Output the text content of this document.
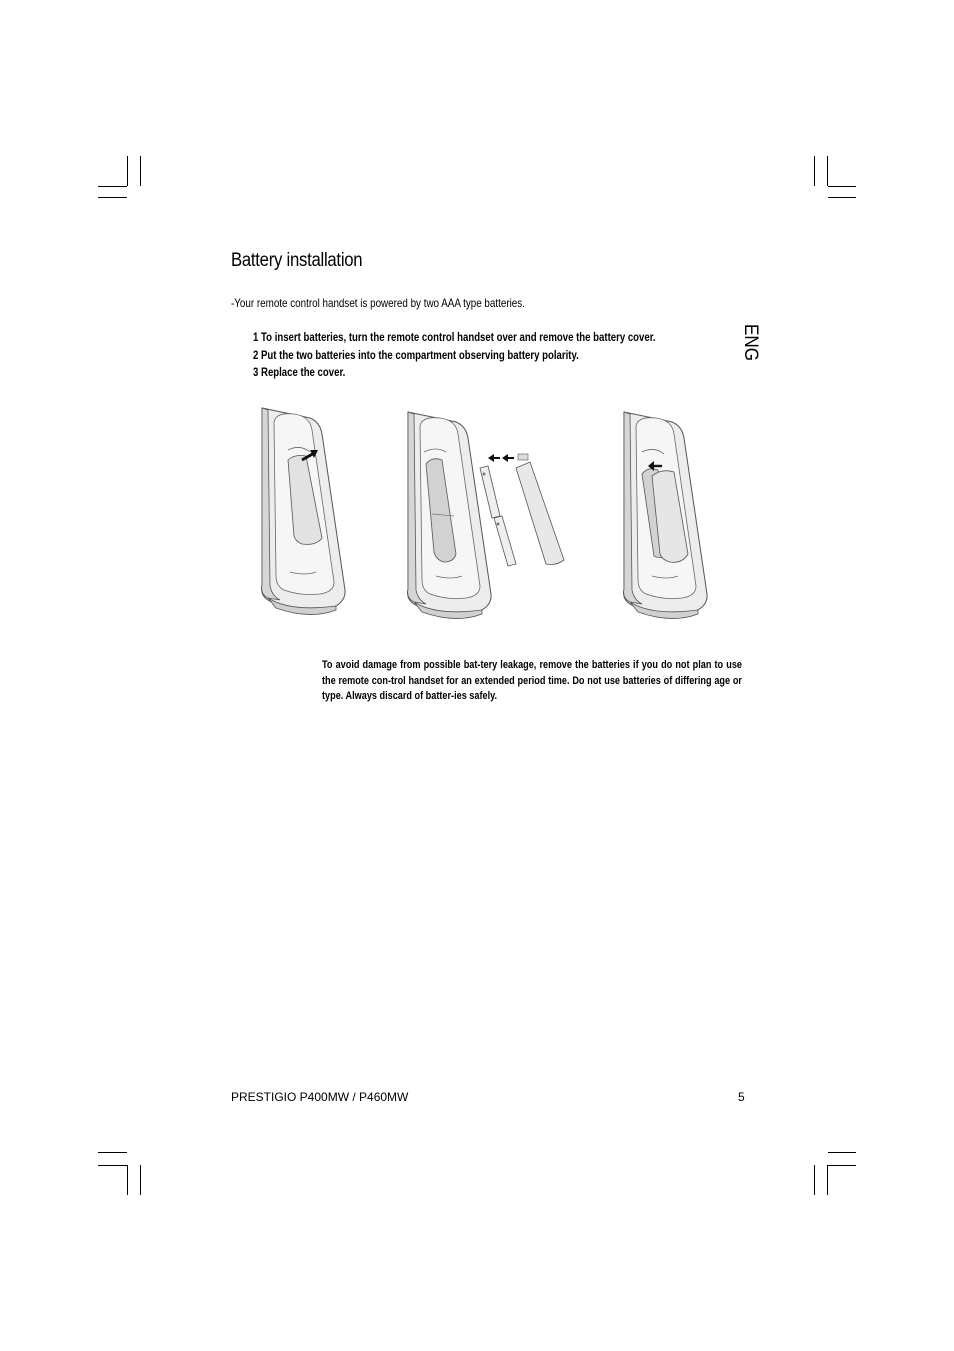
Battery installation
-Your remote control handset is powered by two AAA type batteries.
1 To insert batteries, turn the remote control handset over and remove the battery cover.
2 Put the two batteries into the compartment observing battery polarity.
3 Replace the cover.
ENG
To avoid damage from possible bat-tery leakage, remove the batteries if you do not plan to use the remote con-trol handset for an extended period time. Do not use batteries of differing age or type. Always discard of batter-ies safely.
PRESTIGIO P400MW / P460MW	5
